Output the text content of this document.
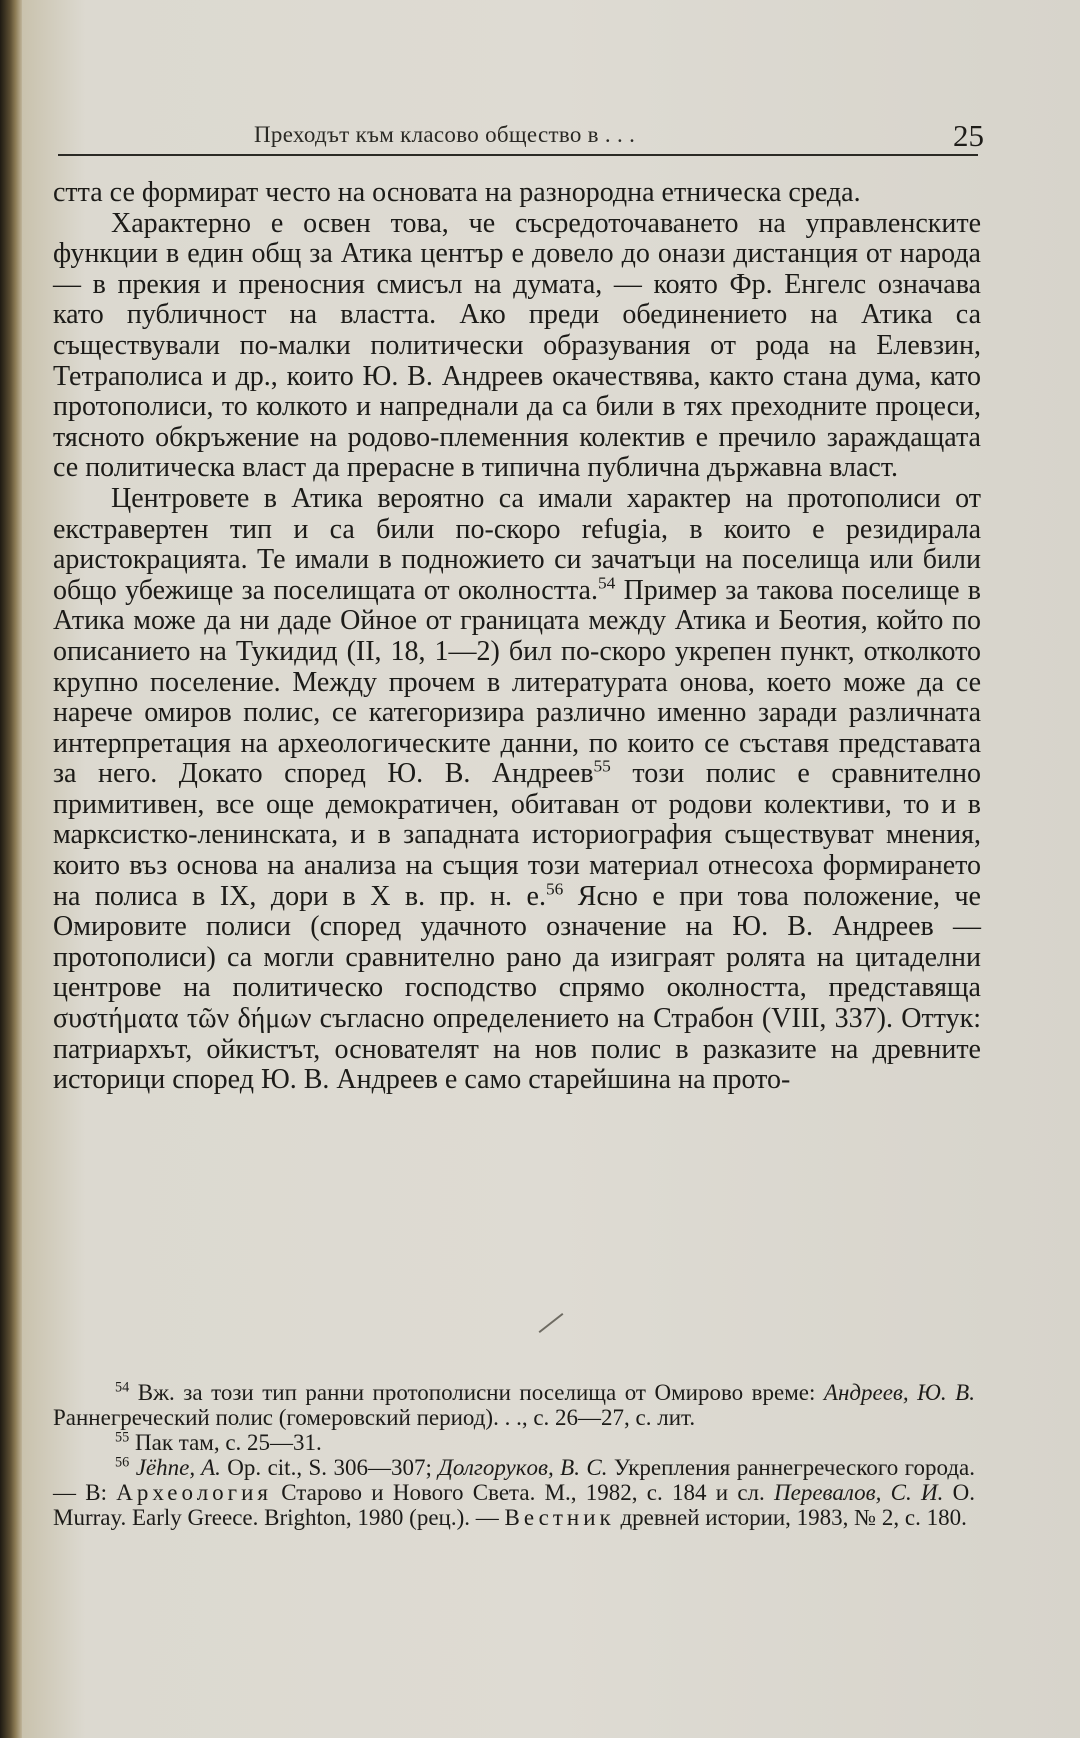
Преходът към класово общество в . . .	25

стта се формират често на основата на разнородна етническа среда.

Характерно е освен това, че съсредоточаването на управленските функции в един общ за Атика център е довело до онази дистанция от народа — в прекия и преносния смисъл на думата, — която Фр. Енгелс означава като публичност на властта. Ако преди обединението на Атика са съществували по-малки политически образувания от рода на Елевзин, Тетраполиса и др., които Ю. В. Андреев окачествява, както стана дума, като протополиси, то колкото и напреднали да са били в тях преходните процеси, тясното обкръжение на родово-племенния колектив е пречило зараждащата се политическа власт да прерасне в типична публична държавна власт.

Центровете в Атика вероятно са имали характер на протополиси от екстравертен тип и са били по-скоро refugia, в които е резидирала аристокрацията. Те имали в подножието си зачатъци на поселища или били общо убежище за поселищата от околността.$^{54}$ Пример за такова поселище в Атика може да ни даде Ойное от границата между Атика и Беотия, който по описанието на Тукидид (II, 18, 1—2) бил по-скоро укрепен пункт, отколкото крупно поселение. Между прочем в литературата онова, което може да се нарече омиров полис, се категоризира различно именно заради различната интерпретация на археологическите данни, по които се съставя представата за него. Докато според Ю. В. Андреев$^{55}$ този полис е сравнително примитивен, все още демократичен, обитаван от родови колективи, то и в марксистко-ленинската, и в западната историография съществуват мнения, които въз основа на анализа на същия този материал отнесоха формирането на полиса в IX, дори в X в. пр. н. е.$^{56}$ Ясно е при това положение, че Омировите полиси (според удачното означение на Ю. В. Андреев — протополиси) са могли сравнително рано да изиграят ролята на цитаделни центрове на политическо господство спрямо околността, представяща συστήματα τῶν δήμων съгласно определението на Страбон (VIII, 337). Оттук: патриархът, ойкистът, основателят на нов полис в разказите на древните историци според Ю. В. Андреев е само старейшина на прото-

$^{54}$ Вж. за този тип ранни протополисни поселища от Омирово време: Андреев, Ю. В. Раннегреческий полис (гомеровский период). . ., с. 26—27, с. лит.

$^{55}$ Пак там, с. 25—31.

$^{56}$ Jёhne, A. Op. cit., S. 306—307; Долгорукoв, В. С. Укрепления раннегреческого города. — В: Археология Старово и Нового Света. М., 1982, с. 184 и сл. Перевалов, С. И. O. Murray. Early Greece. Brighton, 1980 (рец.). — Вестник древней истории, 1983, № 2, с. 180.
